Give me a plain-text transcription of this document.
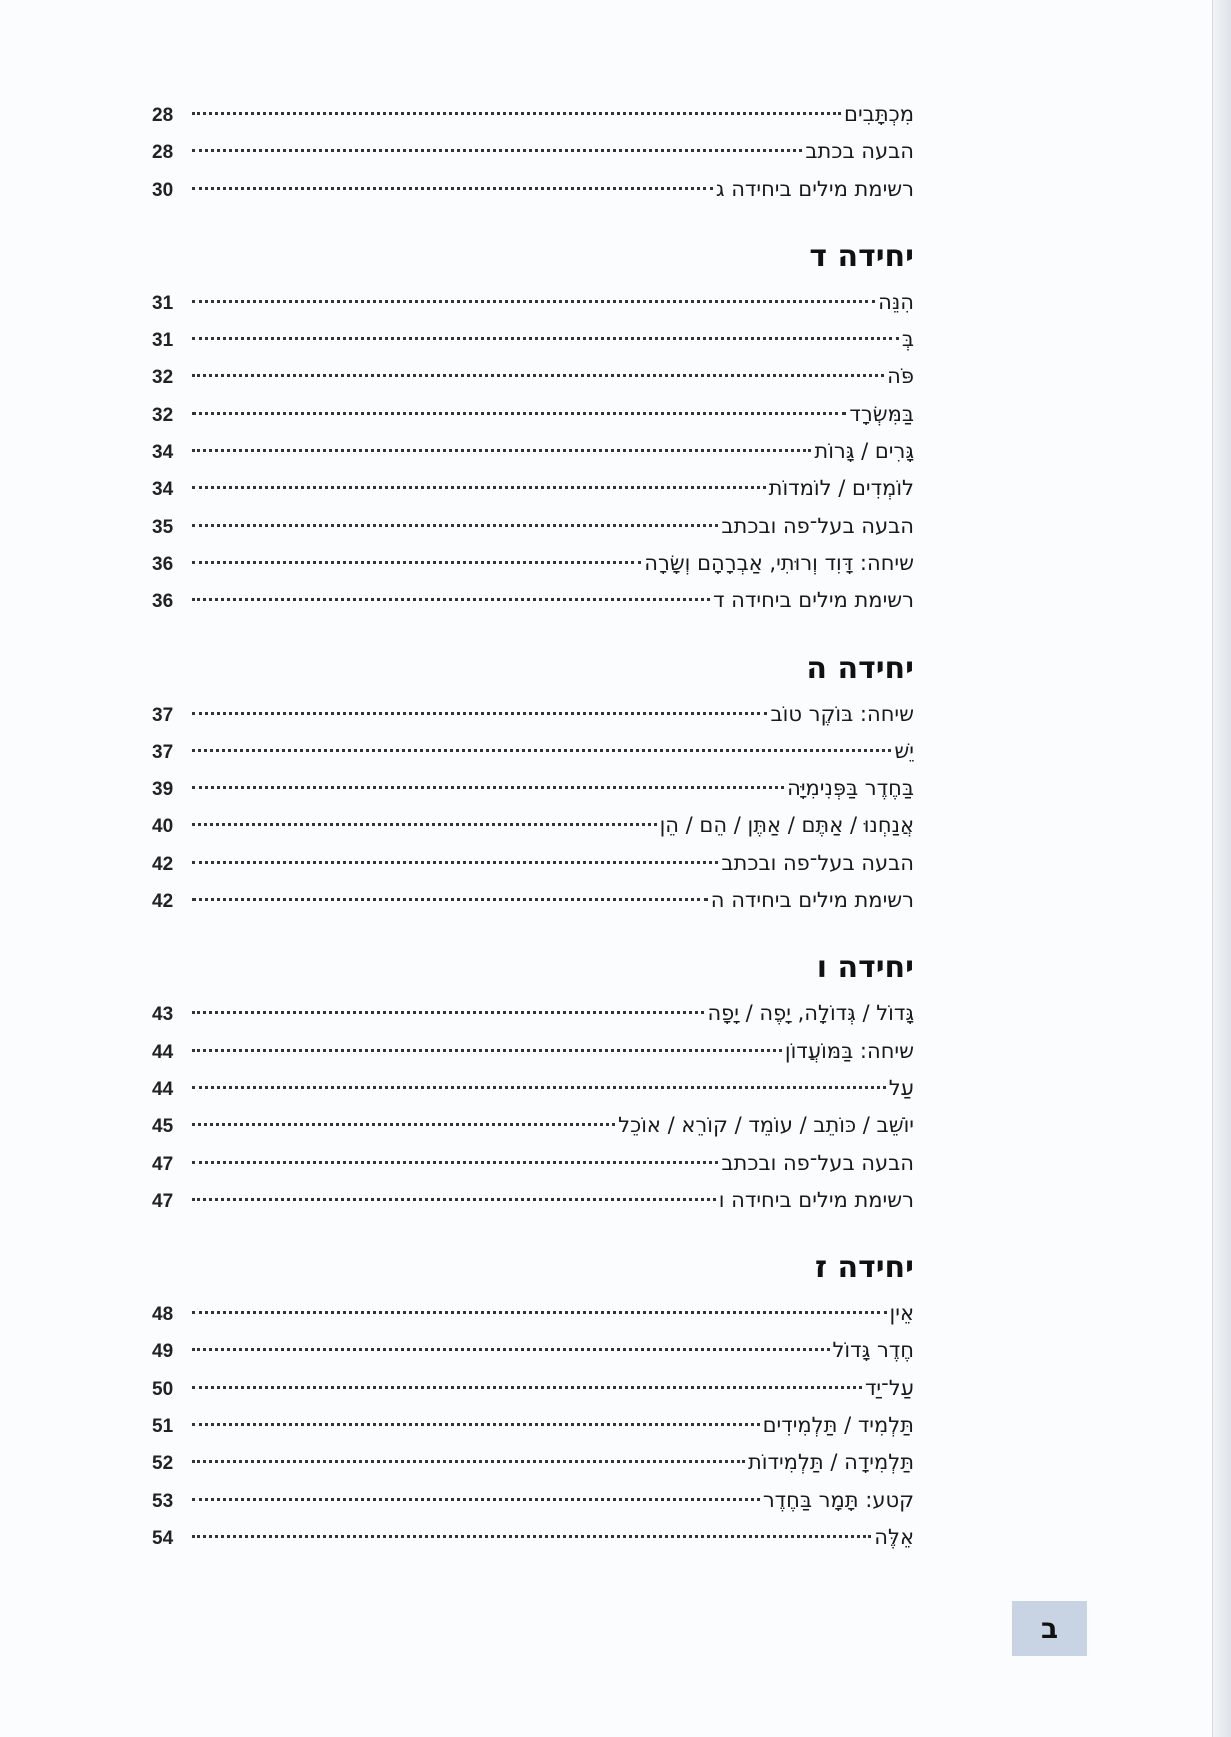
28	מִכְתָּבִים
28	הבעה בכתב
30	רשימת מילים ביחידה ג
יחידה ד
31	הִנֵּה
31	בְּ
32	פֹּה
32	בַּמִּשְׂרָד
34	גָּרִים / גָּרוֹת
34	לוֹמְדִים / לוֹמדוֹת
35	הבעה בעל־פה ובכתב
36	שיחה: דָּוִד וְרוּתִי, אַבְרָהָם וְשָׂרָה
36	רשימת מילים ביחידה ד
יחידה ה
37	שיחה: בּוֹקֶר טוֹב
37	יֵשׁ
39	בַּחֶדֶר בַּפְּנִימִיָּה
40	אֲנַחְנוּ / אַתֶּם / אַתֶּן / הֵם / הֵן
42	הבעה בעל־פה ובכתב
42	רשימת מילים ביחידה ה
יחידה ו
43	גָּדוֹל / גְּדוֹלָה, יָפֶה / יָפָה
44	שיחה: בַּמּוֹעֲדוֹן
44	עַל
45	יוֹשֵׁב / כּוֹתֵב / עוֹמֵד / קוֹרֵא / אוֹכֵל
47	הבעה בעל־פה ובכתב
47	רשימת מילים ביחידה ו
יחידה ז
48	אֵין
49	חֶדֶר גָּדוֹל
50	עַל־יַד
51	תַּלְמִיד / תַּלְמִידִים
52	תַּלְמִידָה / תַּלְמִידוֹת
53	קטע: תָּמָר בַּחֶדֶר
54	אֵלֶּה
ב
